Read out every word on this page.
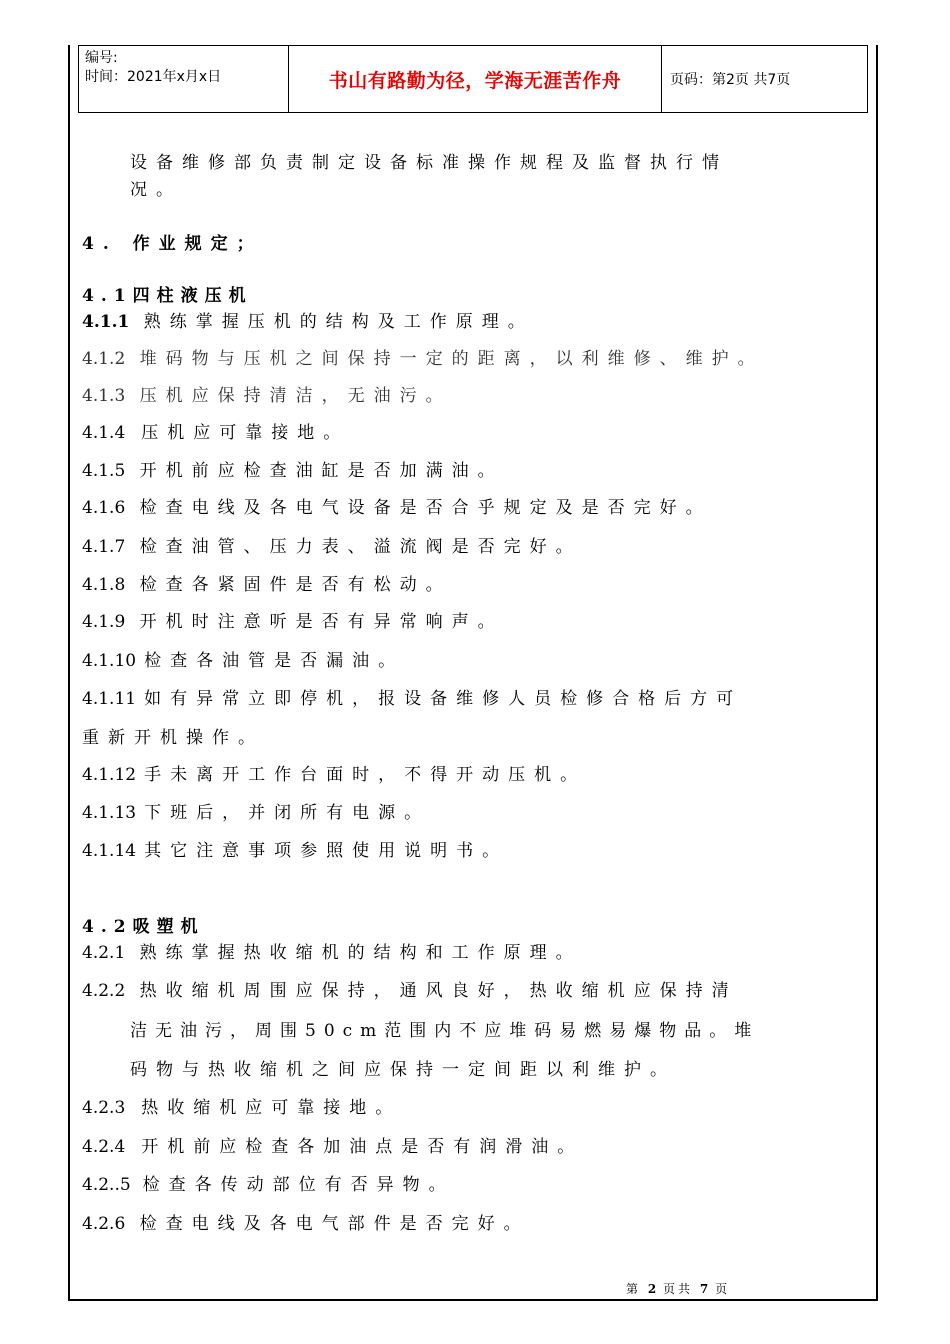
编号:
时间：2021年x月x日	书山有路勤为径，学海无涯苦作舟	页码：第2页 共7页
设备维修部负责制定设备标准操作规程及监督执行情
况。
4. 作业规定；
4.1四柱液压机
4.1.1 熟练掌握压机的结构及工作原理。
4.1.2 堆码物与压机之间保持一定的距离，以利维修、维护。
4.1.3 压机应保持清洁，无油污。
4.1.4 压机应可靠接地。
4.1.5 开机前应检查油缸是否加满油。
4.1.6 检查电线及各电气设备是否合乎规定及是否完好。
4.1.7 检查油管、压力表、溢流阀是否完好。
4.1.8 检查各紧固件是否有松动。
4.1.9 开机时注意听是否有异常响声。
4.1.10 检查各油管是否漏油。
4.1.11 如有异常立即停机，报设备维修人员检修合格后方可
重新开机操作。
4.1.12 手未离开工作台面时，不得开动压机。
4.1.13 下班后，并闭所有电源。
4.1.14 其它注意事项参照使用说明书。
4.2吸塑机
4.2.1 熟练掌握热收缩机的结构和工作原理。
4.2.2 热收缩机周围应保持，通风良好，热收缩机应保持清
洁无油污，周围50cm范围内不应堆码易燃易爆物品。堆
码物与热收缩机之间应保持一定间距以利维护。
4.2.3 热收缩机应可靠接地。
4.2.4 开机前应检查各加油点是否有润滑油。
4.2..5 检查各传动部位有否异物。
4.2.6 检查电线及各电气部件是否完好。
第 2 页共 7 页
